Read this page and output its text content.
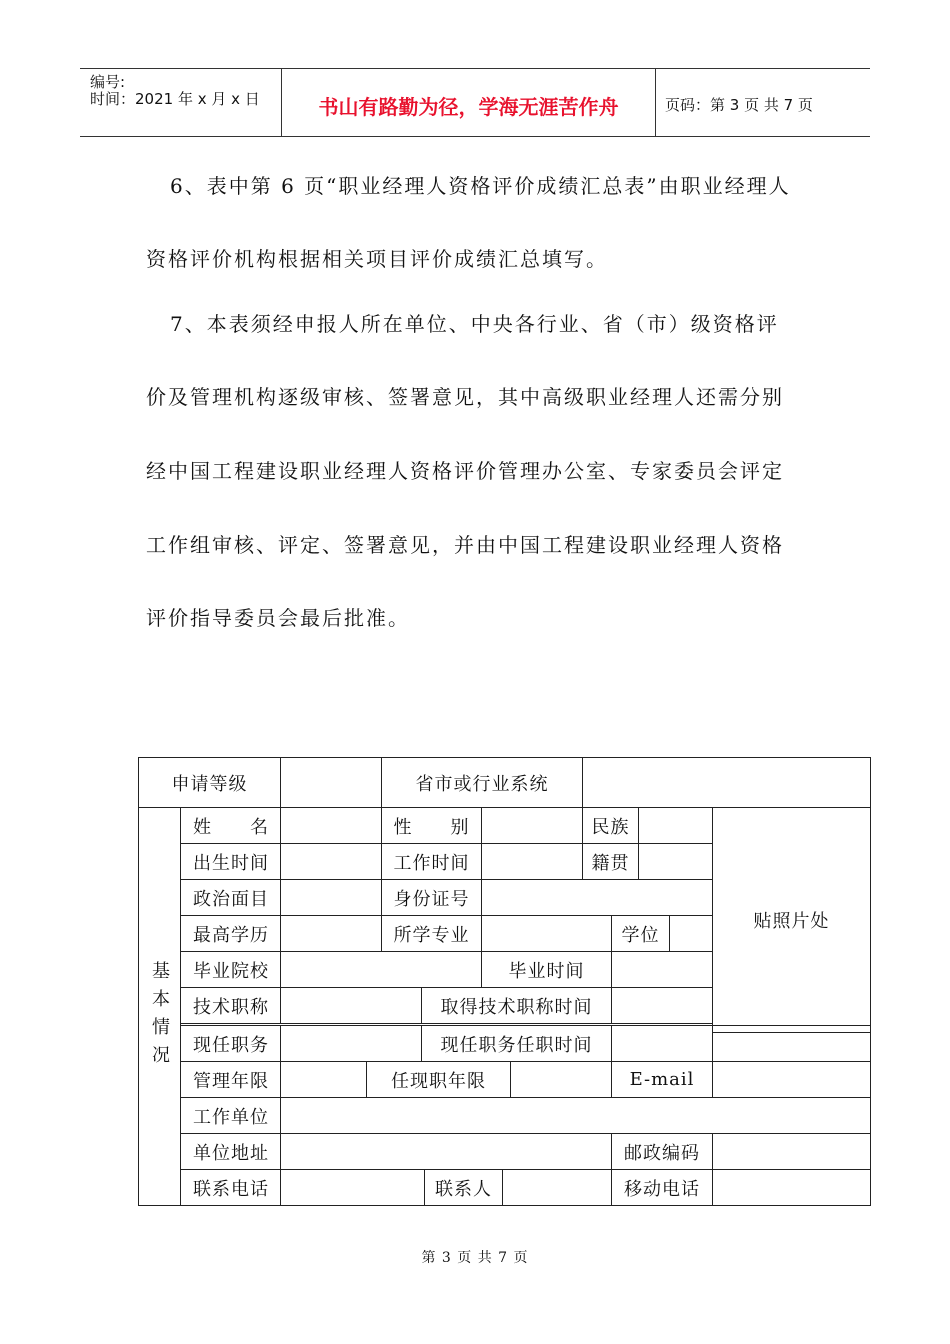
编号:
时间：2021 年 x 月 x 日	书山有路勤为径，学海无涯苦作舟	页码：第 3 页 共 7 页
6、表中第 6 页“职业经理人资格评价成绩汇总表”由职业经理人
资格评价机构根据相关项目评价成绩汇总填写。
7、本表须经申报人所在单位、中央各行业、省（市）级资格评
价及管理机构逐级审核、签署意见，其中高级职业经理人还需分别
经中国工程建设职业经理人资格评价管理办公室、专家委员会评定
工作组审核、评定、签署意见，并由中国工程建设职业经理人资格
评价指导委员会最后批准。
申请等级	省市或行业系统
基
本
情
况
姓　　名	性　　别	民族
贴照片处
出生时间	工作时间	籍贯
政治面目	身份证号
最高学历	所学专业	学位
毕业院校	毕业时间
技术职称	取得技术职称时间
现任职务	现任职务任职时间
管理年限	任现职年限	E-mail
工作单位
单位地址	邮政编码
联系电话	联系人	移动电话
第 3 页 共 7 页
